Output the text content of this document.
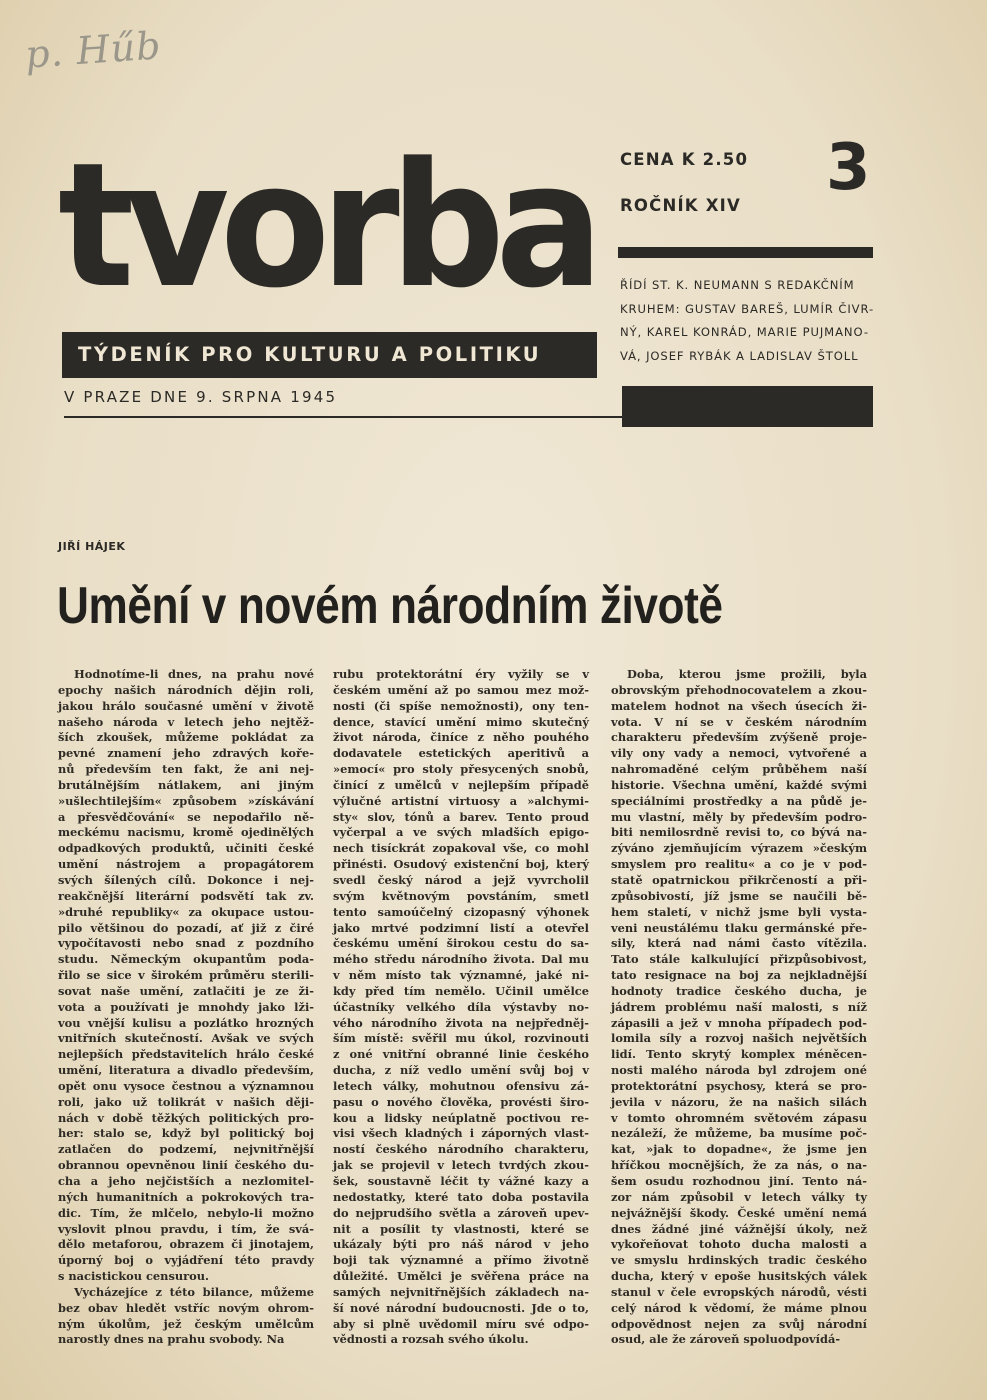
p. Hűb
tvorba
TÝDENÍK PRO KULTURU A POLITIKU
V PRAZE DNE 9. SRPNA 1945
CENA K 2.50
ROČNÍK XIV
3
ŘÍDÍ ST. K. NEUMANN S REDAKČNÍM
KRUHEM: GUSTAV BAREŠ, LUMÍR ČIVR-
NÝ, KAREL KONRÁD, MARIE PUJMANO-
VÁ, JOSEF RYBÁK A LADISLAV ŠTOLL
JIŘÍ HÁJEK
Umění v novém národním životě
Hodnotíme-li dnes, na prahu nové
epochy našich národních dějin roli,
jakou hrálo současné umění v životě
našeho národa v letech jeho nejtěž-
ších zkoušek, můžeme pokládat za
pevné znamení jeho zdravých koře-
nů především ten fakt, že ani nej-
brutálnějším nátlakem, ani jiným
»ušlechtilejším« způsobem »získávání
a přesvědčování« se nepodařilo ně-
meckému nacismu, kromě ojedinělých
odpadkových produktů, učiniti české
umění nástrojem a propagátorem
svých šílených cílů. Dokonce i nej-
reakčnější literární podsvětí tak zv.
»druhé republiky« za okupace ustou-
pilo většinou do pozadí, ať již z čiré
vypočítavosti nebo snad z pozdního
studu. Německým okupantům poda-
řilo se sice v širokém průměru sterili-
sovat naše umění, zatlačiti je ze ži-
vota a používati je mnohdy jako lži-
vou vnější kulisu a pozlátko hrozných
vnitřních skutečností. Avšak ve svých
nejlepších představitelích hrálo české
umění, literatura a divadlo především,
opět onu vysoce čestnou a významnou
roli, jako už tolikrát v našich ději-
nách v době těžkých politických pro-
her: stalo se, když byl politický boj
zatlačen do podzemí, nejvnitřnější
obrannou opevněnou linií českého du-
cha a jeho nejčistších a nezlomitel-
ných humanitních a pokrokových tra-
dic. Tím, že mlčelo, nebylo-li možno
vyslovit plnou pravdu, i tím, že svá-
dělo metaforou, obrazem či jinotajem,
úporný boj o vyjádření této pravdy
s nacistickou censurou.
Vycházejíce z této bilance, můžeme
bez obav hledět vstříc novým ohrom-
ným úkolům, jež českým umělcům
narostly dnes na prahu svobody. Na
rubu protektorátní éry vyžily se v
českém umění až po samou mez mož-
nosti (či spíše nemožnosti), ony ten-
dence, stavící umění mimo skutečný
život národa, činíce z něho pouhého
dodavatele estetických aperitivů a
»emocí« pro stoly přesycených snobů,
činící z umělců v nejlepším případě
výlučné artistní virtuosy a »alchymi-
sty« slov, tónů a barev. Tento proud
vyčerpal a ve svých mladších epigo-
nech tisíckrát zopakoval vše, co mohl
přinésti. Osudový existenční boj, který
svedl český národ a jejž vyvrcholil
svým květnovým povstáním, smetl
tento samoúčelný cizopasný výhonek
jako mrtvé podzimní listí a otevřel
českému umění širokou cestu do sa-
mého středu národního života. Dal mu
v něm místo tak významné, jaké ni-
kdy před tím nemělo. Učinil umělce
účastníky velkého díla výstavby no-
vého národního života na nejpředněj-
ším místě: svěřil mu úkol, rozvinouti
z oné vnitřní obranné linie českého
ducha, z níž vedlo umění svůj boj v
letech války, mohutnou ofensivu zá-
pasu o nového člověka, provésti širo-
kou a lidsky neúplatně poctivou re-
visi všech kladných i záporných vlast-
ností českého národního charakteru,
jak se projevil v letech tvrdých zkou-
šek, soustavně léčit ty vážné kazy a
nedostatky, které tato doba postavila
do nejprudšího světla a zároveň upev-
nit a posílit ty vlastnosti, které se
ukázaly býti pro náš národ v jeho
boji tak významné a přímo životně
důležité. Umělci je svěřena práce na
samých nejvnitřnějších základech na-
ší nové národní budoucnosti. Jde o to,
aby si plně uvědomil míru své odpo-
vědnosti a rozsah svého úkolu.
Doba, kterou jsme prožili, byla
obrovským přehodnocovatelem a zkou-
matelem hodnot na všech úsecích ži-
vota. V ní se v českém národním
charakteru především zvýšeně proje-
vily ony vady a nemoci, vytvořené a
nahromaděné celým průběhem naší
historie. Všechna umění, každé svými
speciálními prostředky a na půdě je-
mu vlastní, měly by především podro-
biti nemilosrdně revisi to, co bývá na-
zýváno zjemňujícím výrazem »českým
smyslem pro realitu« a co je v pod-
statě opatrnickou přikrčeností a při-
způsobivostí, jíž jsme se naučili bě-
hem staletí, v nichž jsme byli vysta-
veni neustálému tlaku germánské pře-
sily, která nad námi často vítězila.
Tato stále kalkulující přizpůsobivost,
tato resignace na boj za nejkladnější
hodnoty tradice českého ducha, je
jádrem problému naší malosti, s níž
zápasili a jež v mnoha případech pod-
lomila síly a rozvoj našich největších
lidí. Tento skrytý komplex méněcen-
nosti malého národa byl zdrojem oné
protektorátní psychosy, která se pro-
jevila v názoru, že na našich silách
v tomto ohromném světovém zápasu
nezáleží, že můžeme, ba musíme poč-
kat, »jak to dopadne«, že jsme jen
hříčkou mocnějších, že za nás, o na-
šem osudu rozhodnou jiní. Tento ná-
zor nám způsobil v letech války ty
nejvážnější škody. České umění nemá
dnes žádné jiné vážnější úkoly, než
vykořeňovat tohoto ducha malosti a
ve smyslu hrdinských tradic českého
ducha, který v epoše husitských válek
stanul v čele evropských národů, vésti
celý národ k vědomí, že máme plnou
odpovědnost nejen za svůj národní
osud, ale že zároveň spoluodpovídá-
